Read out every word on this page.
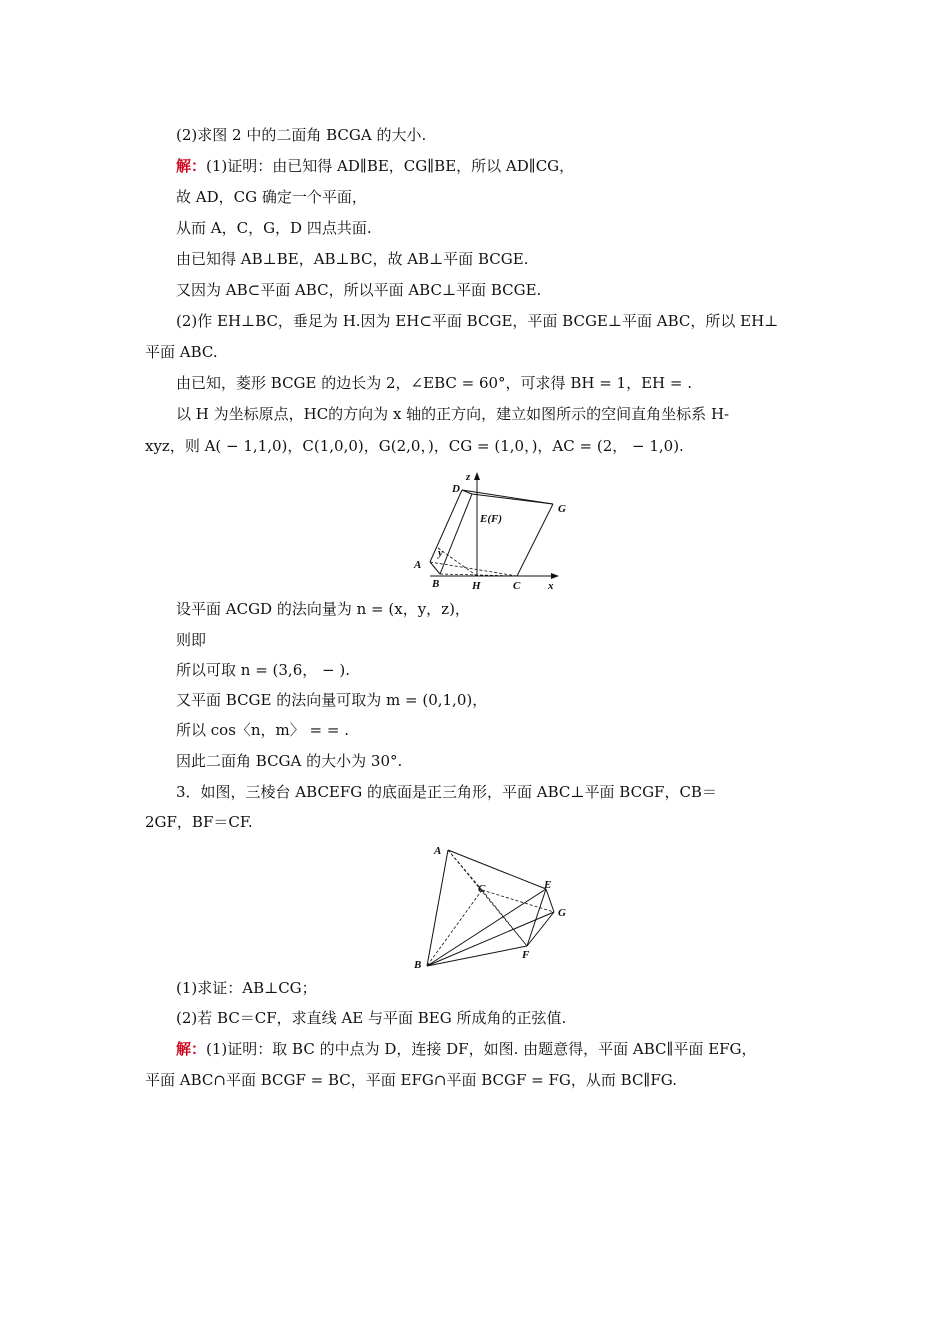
(2)求图 2 中的二面角 BCGA 的大小.
解：(1)证明：由已知得 AD∥BE，CG∥BE，所以 AD∥CG，
故 AD，CG 确定一个平面，
从而 A，C，G，D 四点共面.
由已知得 AB⊥BE，AB⊥BC，故 AB⊥平面 BCGE.
又因为 AB⊂平面 ABC，所以平面 ABC⊥平面 BCGE.
(2)作 EH⊥BC，垂足为 H.因为 EH⊂平面 BCGE，平面 BCGE⊥平面 ABC，所以 EH⊥
平面 ABC.
由已知，菱形 BCGE 的边长为 2，∠EBC = 60°，可求得 BH = 1，EH = .
以 H 为坐标原点，HC的方向为 x 轴的正方向，建立如图所示的空间直角坐标系 H-
xyz，则 A( − 1,1,0)，C(1,0,0)，G(2,0，)，CG = (1,0，)，AC = (2， − 1,0).
D
z
E(F)
G
y
A
B	H	C	x
设平面 ACGD 的法向量为 n = (x，y，z)，
则即
所以可取 n = (3,6， − ).
又平面 BCGE 的法向量可取为 m = (0,1,0)，
所以 cos〈n，m〉 = = .
因此二面角 BCGA 的大小为 30°.
3．如图，三棱台 ABCEFG 的底面是正三角形，平面 ABC⊥平面 BCGF，CB＝
2GF，BF＝CF.
A
C	E
G
B
F
(1)求证：AB⊥CG；
(2)若 BC＝CF，求直线 AE 与平面 BEG 所成角的正弦值.
解：(1)证明：取 BC 的中点为 D，连接 DF，如图. 由题意得，平面 ABC∥平面 EFG，
平面 ABC∩平面 BCGF = BC，平面 EFG∩平面 BCGF = FG，从而 BC∥FG.
